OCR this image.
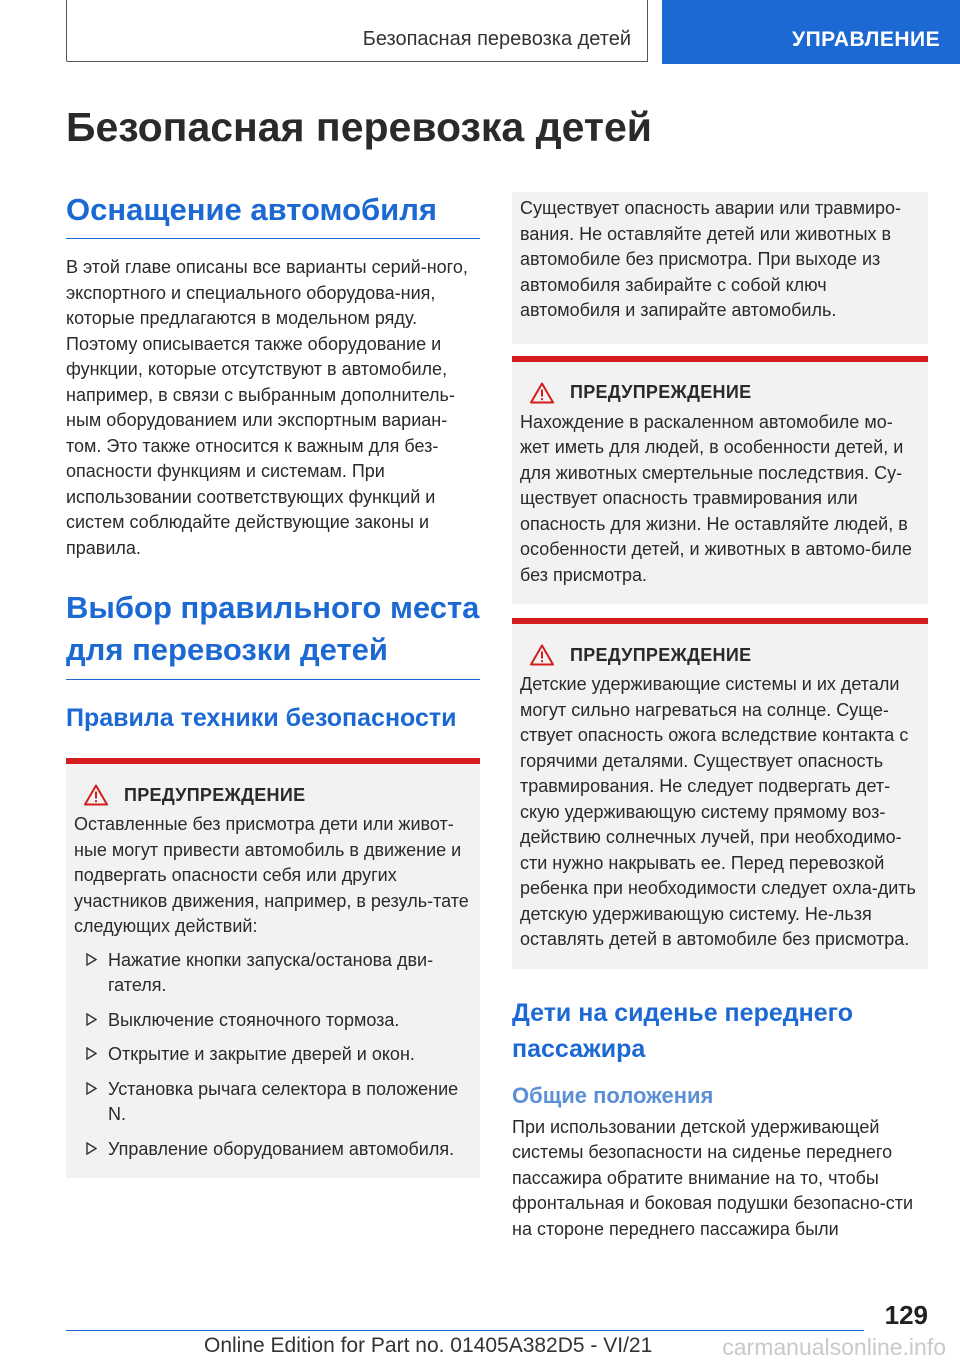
Безопасная перевозка детей	УПРАВЛЕНИЕ
Безопасная перевозка детей
Оснащение автомобиля

В этой главе описаны все варианты серий-ного, экспортного и специального оборудова-ния, которые предлагаются в модельном ряду. Поэтому описывается также оборудование и функции, которые отсутствуют в автомобиле, например, в связи с выбранным дополнитель-ным оборудованием или экспортным вариан-том. Это также относится к важным для без-опасности функциям и системам. При использовании соответствующих функций и систем соблюдайте действующие законы и правила.

Выбор правильного места для перевозки детей
Правила техники безопасности
ПРЕДУПРЕЖДЕНИЕ

Оставленные без присмотра дети или живот-ные могут привести автомобиль в движение и подвергать опасности себя или других участников движения, например, в резуль-тате следующих действий:

Нажатие кнопки запуска/останова дви-гателя.
Выключение стояночного тормоза.
Открытие и закрытие дверей и окон.
Установка рычага селектора в положение N.
Управление оборудованием автомобиля.

Существует опасность аварии или травмиро-вания. Не оставляйте детей или животных в автомобиле без присмотра. При выходе из автомобиля забирайте с собой ключ автомобиля и запирайте автомобиль.

ПРЕДУПРЕЖДЕНИЕ

Нахождение в раскаленном автомобиле мо-жет иметь для людей, в особенности детей, и для животных смертельные последствия. Су-ществует опасность травмирования или опасность для жизни. Не оставляйте людей, в особенности детей, и животных в автомо-биле без присмотра.

ПРЕДУПРЕЖДЕНИЕ

Детские удерживающие системы и их детали могут сильно нагреваться на солнце. Суще-ствует опасность ожога вследствие контакта с горячими деталями. Существует опасность травмирования. Не следует подвергать дет-скую удерживающую систему прямому воз-действию солнечных лучей, при необходимо-сти нужно накрывать ее. Перед перевозкой ребенка при необходимости следует охла-дить детскую удерживающую систему. Не-льзя оставлять детей в автомобиле без присмотра.

Дети на сиденье переднего пассажира
Общие положения

При использовании детской удерживающей системы безопасности на сиденье переднего пассажира обратите внимание на то, чтобы фронтальная и боковая подушки безопасно-сти на стороне переднего пассажира были

129
Online Edition for Part no. 01405A382D5 - VI/21	carmanualsonline.info
